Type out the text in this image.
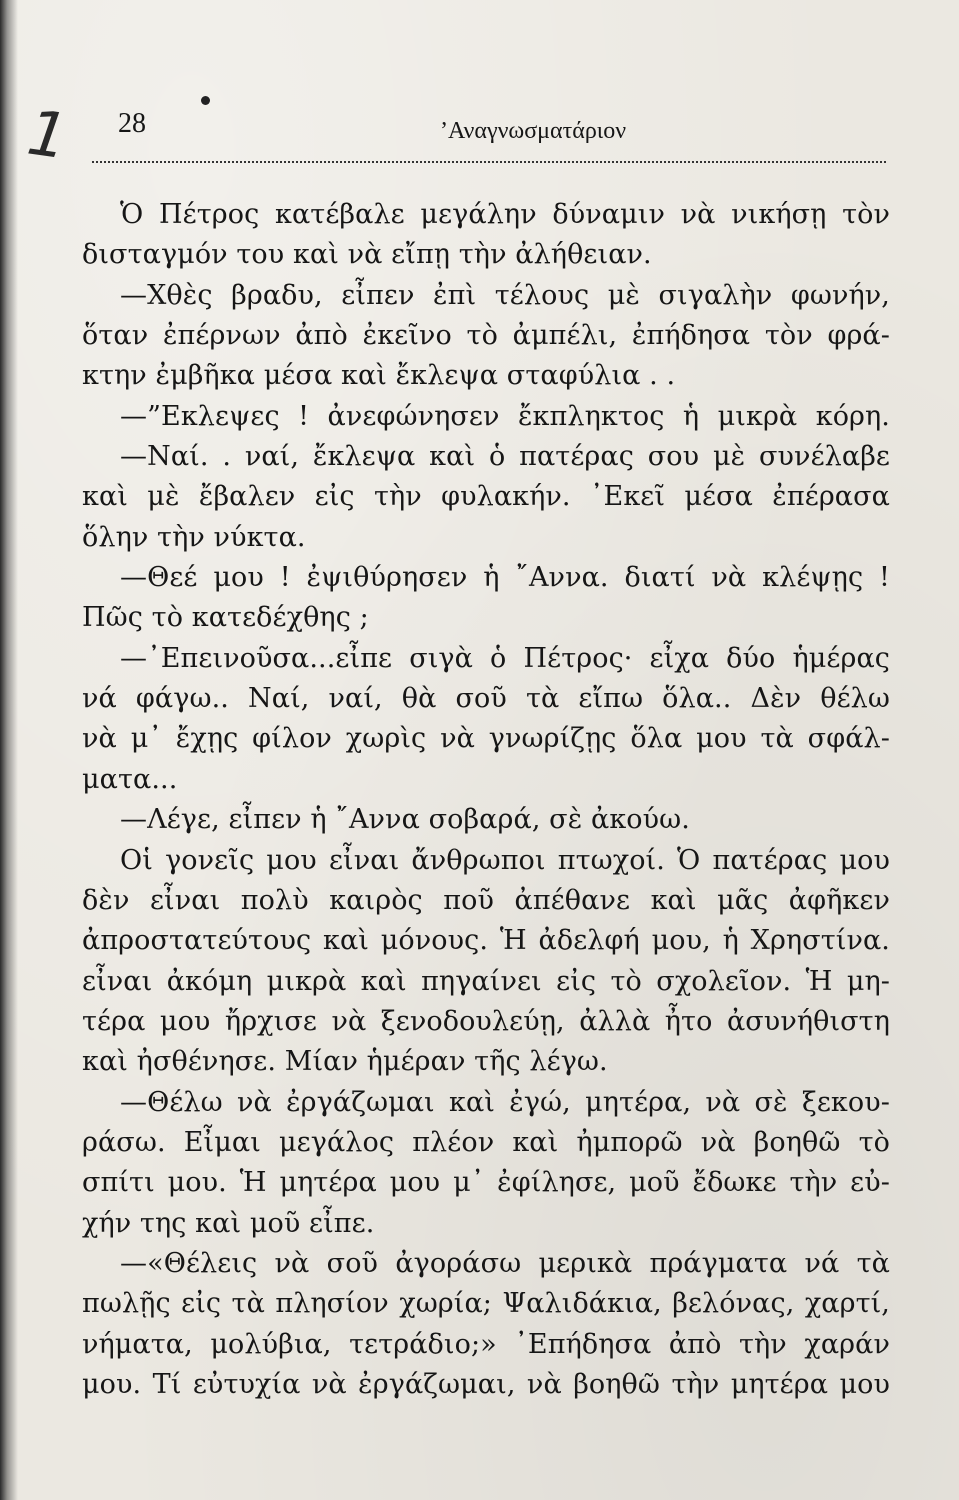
1 28	’Αναγνωσματάριον
Ὁ Πέτρος κατέβαλε μεγάλην δύναμιν νὰ νικήσῃ τὸν
δισταγμόν του καὶ νὰ εἴπῃ τὴν ἀλήθειαν.
—Χθὲς βραδυ, εἶπεν ἐπὶ τέλους μὲ σιγαλὴν φωνήν,
ὅταν ἐπέρνων ἀπὸ ἐκεῖνο τὸ ἀμπέλι, ἐπήδησα τὸν φρά-
κτην ἐμβῆκα μέσα καὶ ἔκλεψα σταφύλια . .
—”Εκλεψες ! ἀνεφώνησεν ἔκπληκτος ἡ μικρὰ κόρη.
—Ναί. . ναί, ἔκλεψα καὶ ὁ πατέρας σου μὲ συνέλαβε
καὶ μὲ ἔβαλεν εἰς τὴν φυλακήν. ᾿Εκεῖ μέσα ἐπέρασα
ὅλην τὴν νύκτα.
—Θεέ μου ! ἐψιθύρησεν ἡ ῎Αννα. διατί νὰ κλέψῃς !
Πῶς τὸ κατεδέχθης ;
—᾿Επεινοῦσα...εἶπε σιγὰ ὁ Πέτρος· εἶχα δύο ἡμέρας
νά φάγω.. Ναί, ναί, θὰ σοῦ τὰ εἴπω ὅλα.. Δὲν θέλω
νὰ μ᾿ ἔχῃς φίλον χωρὶς νὰ γνωρίζῃς ὅλα μου τὰ σφάλ-
ματα...
—Λέγε, εἶπεν ἡ ῎Αννα σοβαρά, σὲ ἀκούω.
Οἱ γονεῖς μου εἶναι ἄνθρωποι πτωχοί. Ὁ πατέρας μου
δὲν εἶναι πολὺ καιρὸς ποῦ ἀπέθανε καὶ μᾶς ἀφῆκεν
ἀπροστατεύτους καὶ μόνους. Ἡ ἀδελφή μου, ἡ Χρηστίνα.
εἶναι ἀκόμη μικρὰ καὶ πηγαίνει εἰς τὸ σχολεῖον. Ἡ μη-
τέρα μου ἤρχισε νὰ ξενοδουλεύῃ, ἀλλὰ ἦτο ἀσυνήθιστη
καὶ ἠσθένησε. Μίαν ἡμέραν τῆς λέγω.
—Θέλω νὰ ἐργάζωμαι καὶ ἐγώ, μητέρα, νὰ σὲ ξεκου-
ράσω. Εἶμαι μεγάλος πλέον καὶ ἠμπορῶ νὰ βοηθῶ τὸ
σπίτι μου. Ἡ μητέρα μου μ᾿ ἐφίλησε, μοῦ ἔδωκε τὴν εὐ-
χήν της καὶ μοῦ εἶπε.
—«Θέλεις νὰ σοῦ ἀγοράσω μερικὰ πράγματα νά τὰ
πωλῇς εἰς τὰ πλησίον χωρία; Ψαλιδάκια, βελόνας, χαρτί,
νήματα, μολύβια, τετράδιο;» ᾿Επήδησα ἀπὸ τὴν χαράν
μου. Τί εὐτυχία νὰ ἐργάζωμαι, νὰ βοηθῶ τὴν μητέρα μου
